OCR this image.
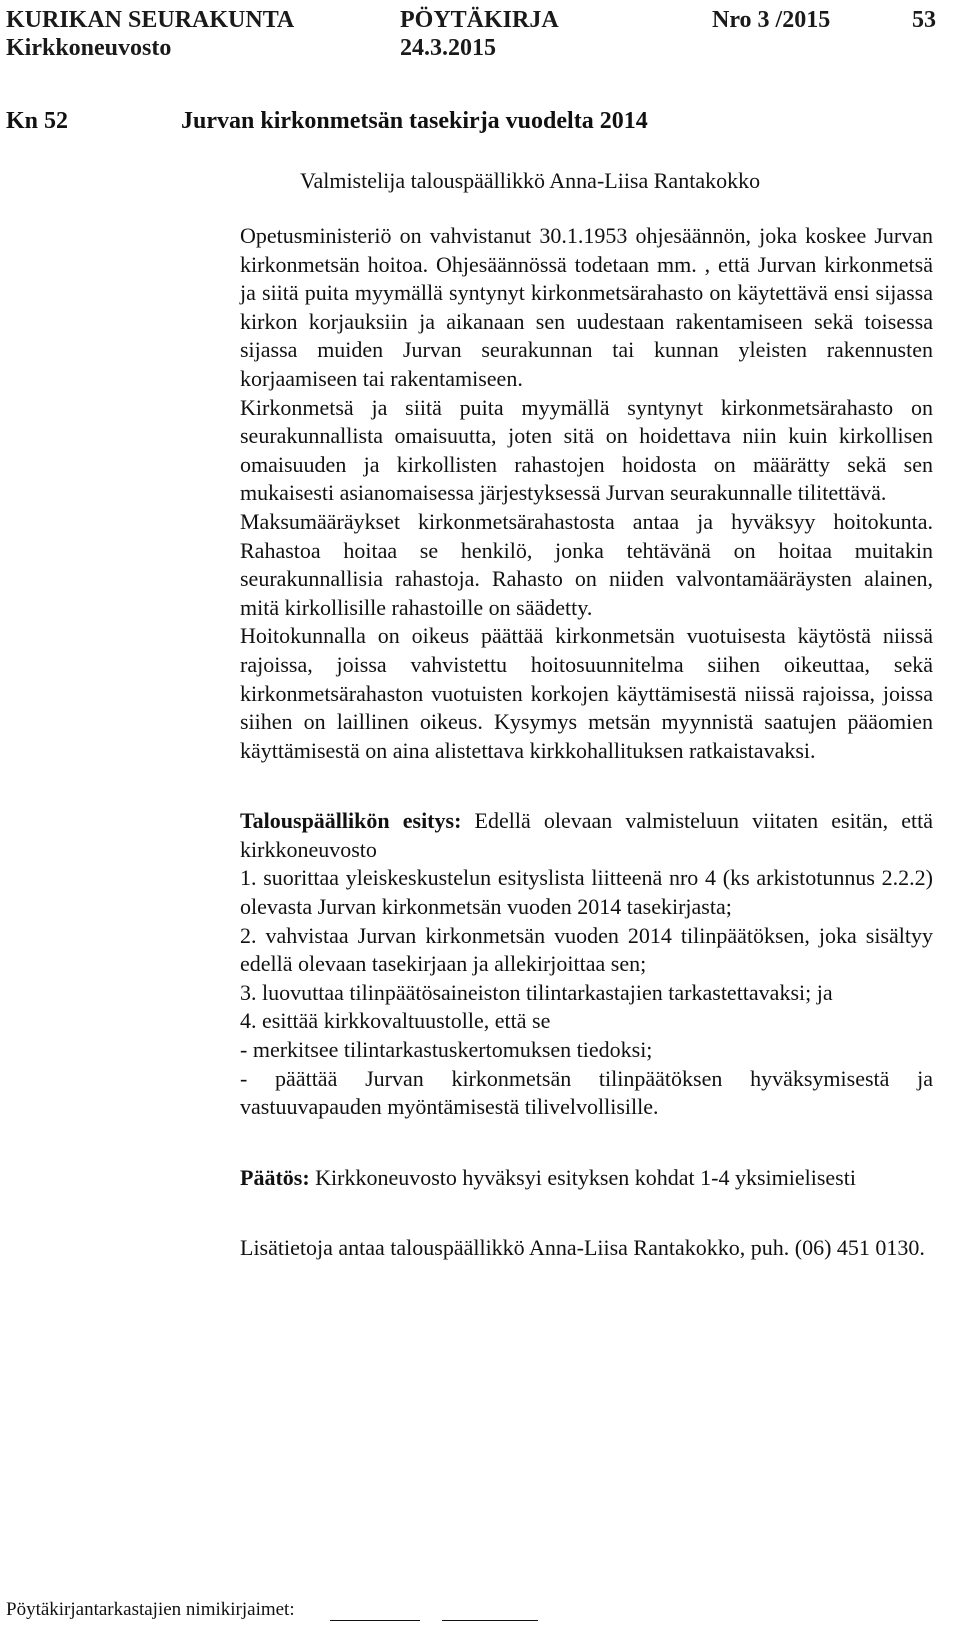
KURIKAN SEURAKUNTA	PÖYTÄKIRJA	Nro 3 /2015	53
Kirkkoneuvosto	24.3.2015
Kn 52	Jurvan kirkonmetsän tasekirja vuodelta 2014
Valmistelija talouspäällikkö Anna-Liisa Rantakokko

Opetusministeriö on vahvistanut 30.1.1953 ohjesäännön, joka koskee Jurvan kirkonmetsän hoitoa. Ohjesäännössä todetaan mm. , että Jurvan kirkonmetsä ja siitä puita myymällä syntynyt kirkonmetsärahasto on käytettävä ensi sijassa kirkon korjauksiin ja aikanaan sen uudestaan rakentamiseen sekä toisessa sijassa muiden Jurvan seurakunnan tai kunnan yleisten rakennusten korjaamiseen tai rakentamiseen.

Kirkonmetsä ja siitä puita myymällä syntynyt kirkonmetsärahasto on seurakunnallista omaisuutta, joten sitä on hoidettava niin kuin kirkollisen omaisuuden ja kirkollisten rahastojen hoidosta on määrätty sekä sen mukaisesti asianomaisessa järjestyksessä Jurvan seurakunnalle tilitettävä.

Maksumääräykset kirkonmetsärahastosta antaa ja hyväksyy hoitokunta. Rahastoa hoitaa se henkilö, jonka tehtävänä on hoitaa muitakin seurakunnallisia rahastoja. Rahasto on niiden valvontamääräysten alainen, mitä kirkollisille rahastoille on säädetty.

Hoitokunnalla on oikeus päättää kirkonmetsän vuotuisesta käytöstä niissä rajoissa, joissa vahvistettu hoitosuunnitelma siihen oikeuttaa, sekä kirkonmetsärahaston vuotuisten korkojen käyttämisestä niissä rajoissa, joissa siihen on laillinen oikeus. Kysymys metsän myynnistä saatujen pääomien käyttämisestä on aina alistettava kirkkohallituksen ratkaistavaksi.

Talouspäällikön esitys: Edellä olevaan valmisteluun viitaten esitän, että kirkkoneuvosto

1. suorittaa yleiskeskustelun esityslista liitteenä nro 4 (ks arkistotunnus 2.2.2) olevasta Jurvan kirkonmetsän vuoden 2014 tasekirjasta;

2. vahvistaa Jurvan kirkonmetsän vuoden 2014 tilinpäätöksen, joka sisältyy edellä olevaan tasekirjaan ja allekirjoittaa sen;

3. luovuttaa tilinpäätösaineiston tilintarkastajien tarkastettavaksi; ja

4. esittää kirkkovaltuustolle, että se

- merkitsee tilintarkastuskertomuksen tiedoksi;

- päättää Jurvan kirkonmetsän tilinpäätöksen hyväksymisestä ja vastuuvapauden myöntämisestä tilivelvollisille.

Päätös: Kirkkoneuvosto hyväksyi esityksen kohdat 1-4 yksimielisesti

Lisätietoja antaa talouspäällikkö Anna-Liisa Rantakokko, puh. (06) 451 0130.

Pöytäkirjantarkastajien nimikirjaimet:
